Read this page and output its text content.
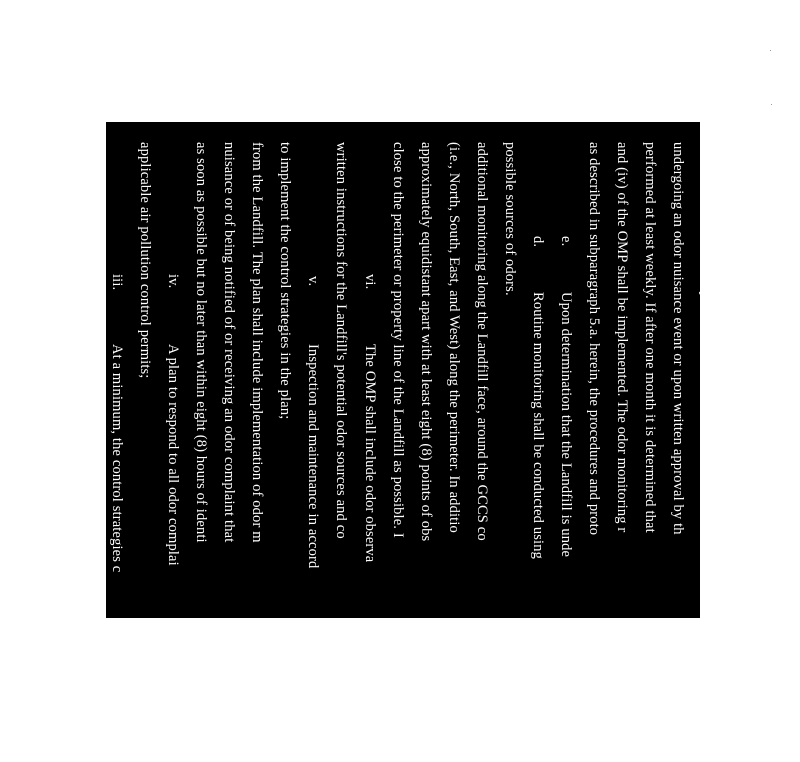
iii.
At a minimum, the control strategies c
applicable air pollution control permits; iv.
A plan to respond to all odor complai as soon as possible but no later than within eight (8) hours of identi nuisance or of being notified of or receiving an odor complaint that from the Landfill. The plan shall include implementation of odor m to implement the control strategies in the plan; v.
Inspection and maintenance in accord written instructions for the Landfill's potential odor sources and co vi.
The OMP shall include odor observa close to the perimeter or property line of the Landfill as possible. I approximately equidistant apart with at least eight (8) points of obs (i.e., North, South, East, and West) along the perimeter. In additio additional monitoring along the Landfill face, around the GCCS co possible sources of odors. d.
Routine monitoring shall be conducted using
e.
Upon determination that the Landfill is unde as described in subparagraph 5.a. herein, the procedures and proto and (iv) of the OMP shall be implemented. The odor monitoring r performed at least weekly. If after one month it is determined that undergoing an odor nuisance event or upon written approval by th revert back to the monthly schedule.
